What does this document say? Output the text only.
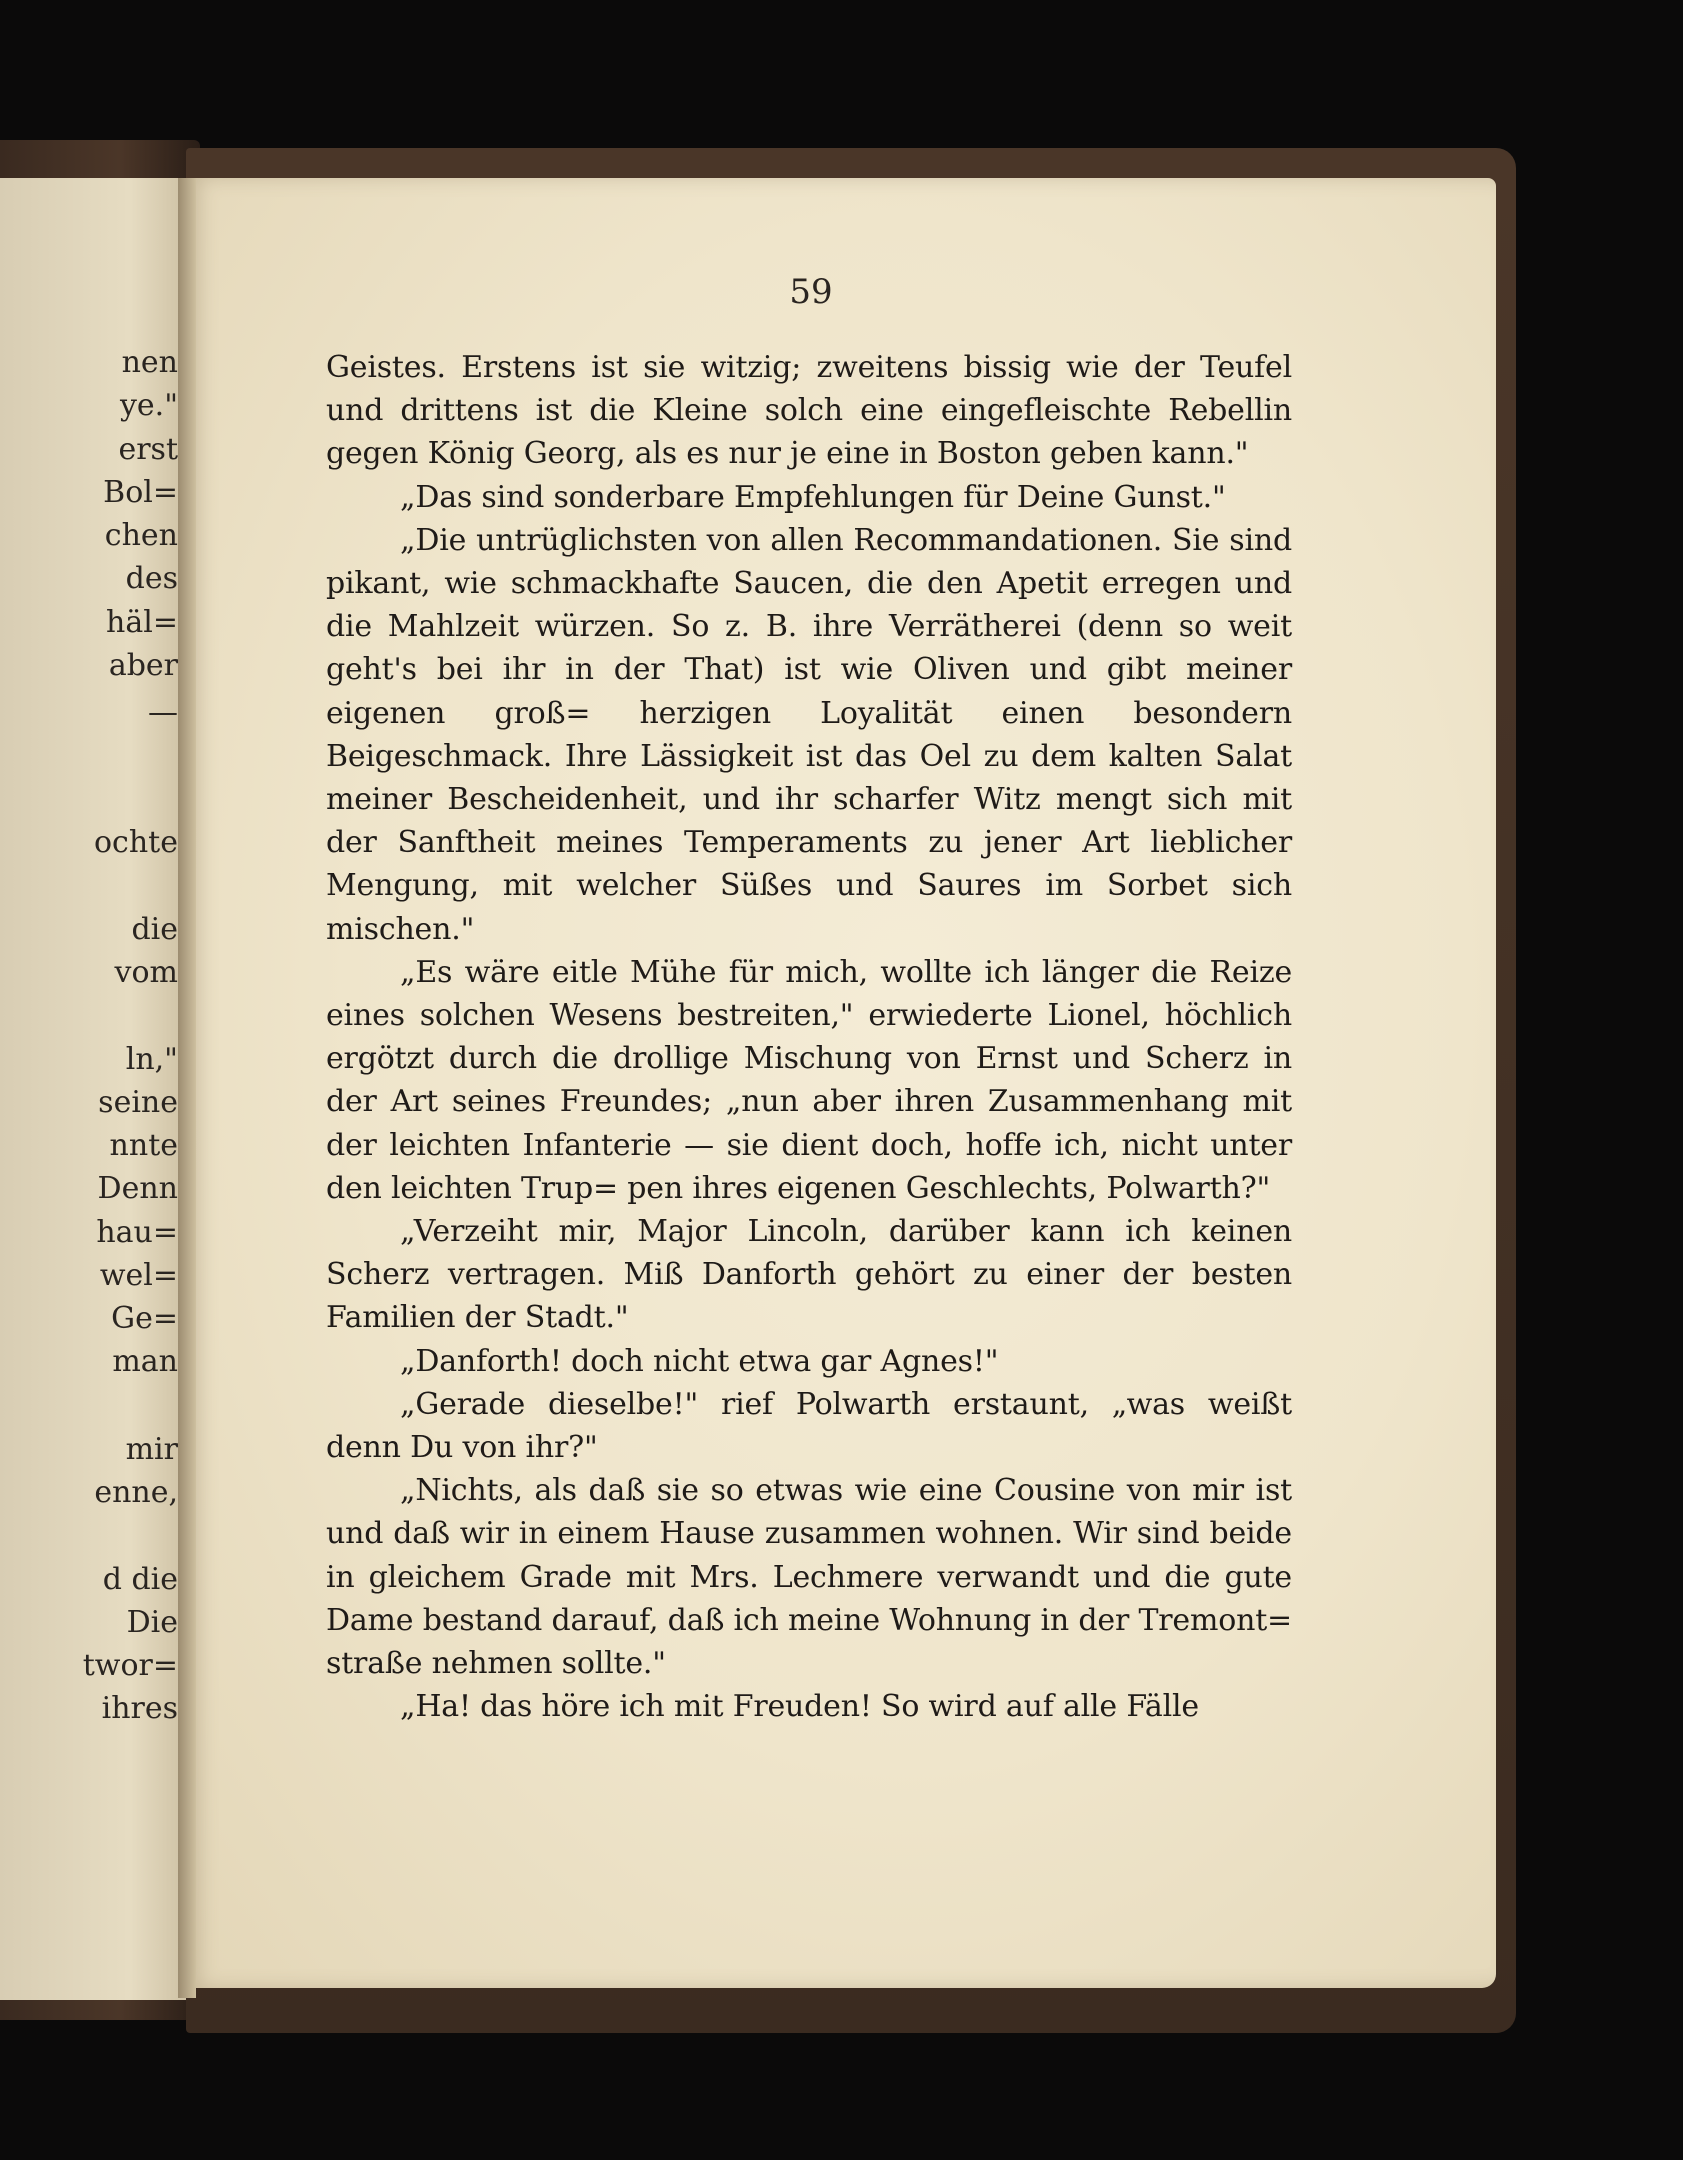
nen
ye."
erst
Bol=
chen
des
häl=
aber
—
ochte
die
vom
ln,"
seine
nnte
Denn
hau=
wel=
Ge=
man
mir
enne,
d die
Die
twor=
ihres
59

Geistes. Erstens ist sie witzig; zweitens bissig wie der Teufel und drittens ist die Kleine solch eine eingefleischte Rebellin gegen König Georg, als es nur je eine in Boston geben kann."

„Das sind sonderbare Empfehlungen für Deine Gunst."

„Die untrüglichsten von allen Recommandationen. Sie sind pikant, wie schmackhafte Saucen, die den Apetit erregen und die Mahlzeit würzen. So z. B. ihre Verrätherei (denn so weit geht's bei ihr in der That) ist wie Oliven und gibt meiner eigenen groß= herzigen Loyalität einen besondern Beigeschmack. Ihre Lässigkeit ist das Oel zu dem kalten Salat meiner Bescheidenheit, und ihr scharfer Witz mengt sich mit der Sanftheit meines Temperaments zu jener Art lieblicher Mengung, mit welcher Süßes und Saures im Sorbet sich mischen."

„Es wäre eitle Mühe für mich, wollte ich länger die Reize eines solchen Wesens bestreiten," erwiederte Lionel, höchlich ergötzt durch die drollige Mischung von Ernst und Scherz in der Art seines Freundes; „nun aber ihren Zusammenhang mit der leichten Infanterie — sie dient doch, hoffe ich, nicht unter den leichten Trup= pen ihres eigenen Geschlechts, Polwarth?"

„Verzeiht mir, Major Lincoln, darüber kann ich keinen Scherz vertragen. Miß Danforth gehört zu einer der besten Familien der Stadt."

„Danforth! doch nicht etwa gar Agnes!"

„Gerade dieselbe!" rief Polwarth erstaunt, „was weißt denn Du von ihr?"

„Nichts, als daß sie so etwas wie eine Cousine von mir ist und daß wir in einem Hause zusammen wohnen. Wir sind beide in gleichem Grade mit Mrs. Lechmere verwandt und die gute Dame bestand darauf, daß ich meine Wohnung in der Tremont= straße nehmen sollte."

„Ha! das höre ich mit Freuden! So wird auf alle Fälle
